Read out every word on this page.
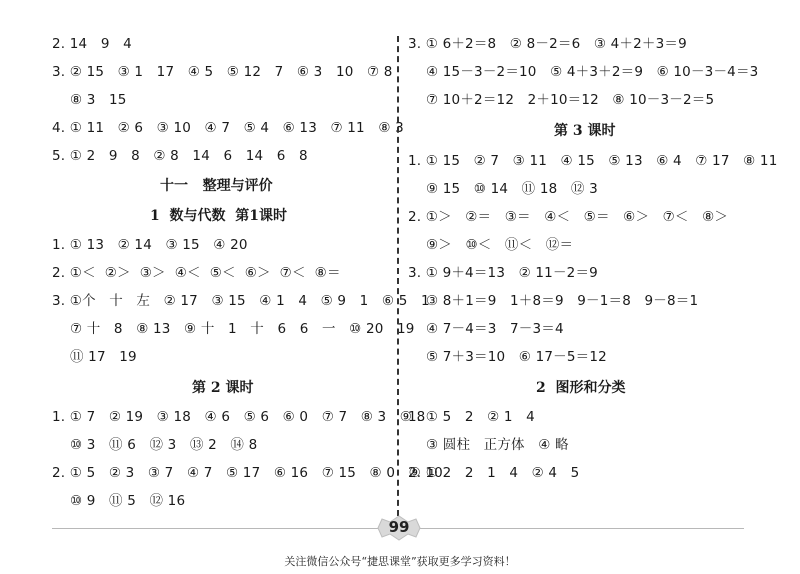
2. 14   9   4
3. ② 15   ③ 1   17   ④ 5   ⑤ 12   7   ⑥ 3   10   ⑦ 8
⑧ 3   15
4. ① 11   ② 6   ③ 10   ④ 7   ⑤ 4   ⑥ 13   ⑦ 11   ⑧ 3
5. ① 2   9   8   ② 8   14   6   14   6   8
十一   整理与评价
1  数与代数  第1课时
1. ① 13   ② 14   ③ 15   ④ 20
2. ①＜  ②＞  ③＞  ④＜  ⑤＜  ⑥＞  ⑦＜  ⑧＝
3. ①个   十   左   ② 17   ③ 15   ④ 1   4   ⑤ 9   1   ⑥ 5   1
⑦ 十   8   ⑧ 13   ⑨ 十   1   十   6   6   一   ⑩ 20   19
⑪ 17   19
第 2 课时
1. ① 7   ② 19   ③ 18   ④ 6   ⑤ 6   ⑥ 0   ⑦ 7   ⑧ 3   ⑨ 8
⑩ 3   ⑪ 6   ⑫ 3   ⑬ 2   ⑭ 8
2. ① 5   ② 3   ③ 7   ④ 7   ⑤ 17   ⑥ 16   ⑦ 15   ⑧ 0   ⑨ 10
⑩ 9   ⑪ 5   ⑫ 16
3. ① 6＋2＝8   ② 8－2＝6   ③ 4＋2＋3＝9
④ 15－3－2＝10   ⑤ 4＋3＋2＝9   ⑥ 10－3－4＝3
⑦ 10＋2＝12   2＋10＝12   ⑧ 10－3－2＝5
第 3 课时
1. ① 15   ② 7   ③ 11   ④ 15   ⑤ 13   ⑥ 4   ⑦ 17   ⑧ 11
⑨ 15   ⑩ 14   ⑪ 18   ⑫ 3
2. ①＞   ②＝   ③＝   ④＜   ⑤＝   ⑥＞   ⑦＜   ⑧＞
⑨＞   ⑩＜   ⑪＜   ⑫＝
3. ① 9＋4＝13   ② 11－2＝9
③ 8＋1＝9   1＋8＝9   9－1＝8   9－8＝1
④ 7－4＝3   7－3＝4
⑤ 7＋3＝10   ⑥ 17－5＝12
2  图形和分类
1. ① 5   2   ② 1   4
③ 圆柱   正方体   ④ 略
2. ① 2   2   1   4   ② 4   5
99
关注微信公众号“捷思课堂”获取更多学习资料！
